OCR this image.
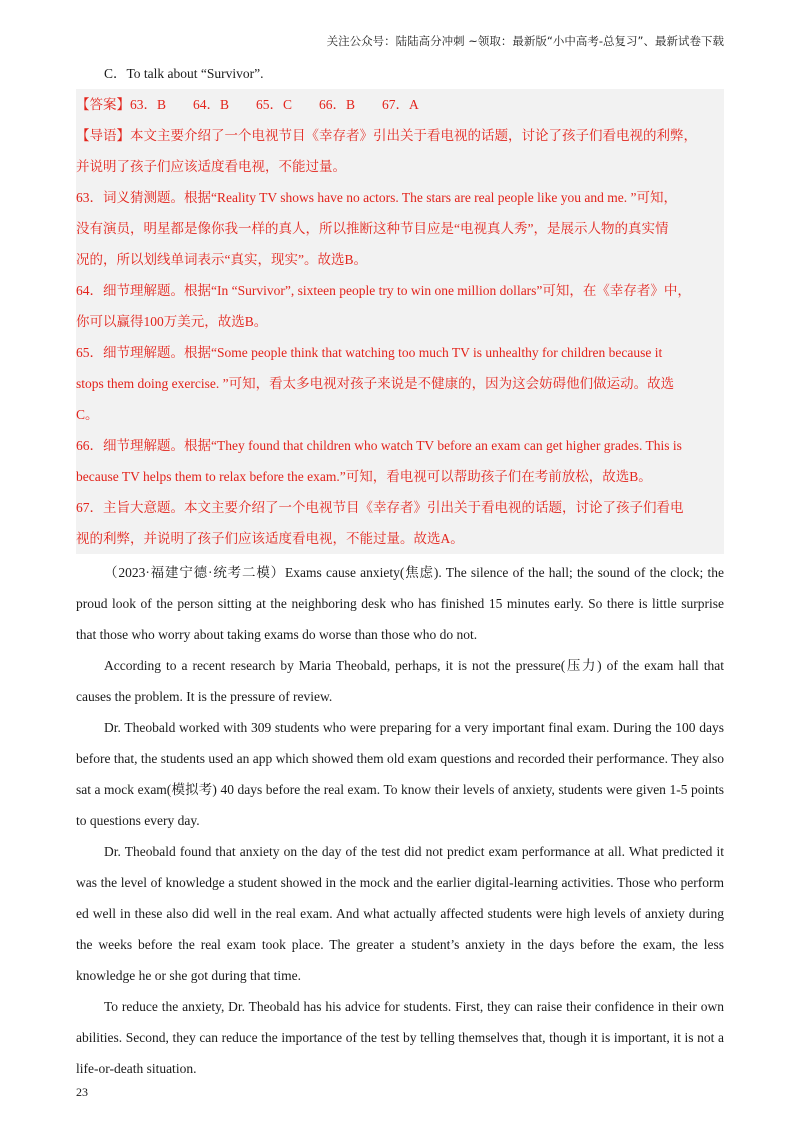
关注公众号：陆陆高分冲刺 ~领取：最新版“小中高考-总复习”、最新试卷下载
C．To talk about “Survivor”.
【答案】63．B　　64．B　　65．C　　66．B　　67．A
【导语】本文主要介绍了一个电视节目《幸存者》引出关于看电视的话题，讨论了孩子们看电视的利弊，
并说明了孩子们应该适度看电视，不能过量。
63．词义猜测题。根据“Reality TV shows have no actors. The stars are real people like you and me. ”可知，
没有演员，明星都是像你我一样的真人，所以推断这种节目应是“电视真人秀”，是展示人物的真实情
况的，所以划线单词表示“真实，现实”。故选B。
64．细节理解题。根据“In “Survivor”, sixteen people try to win one million dollars”可知，在《幸存者》中，
你可以赢得100万美元，故选B。
65．细节理解题。根据“Some people think that watching too much TV is unhealthy for children because it
stops them doing exercise. ”可知，看太多电视对孩子来说是不健康的，因为这会妨碍他们做运动。故选
C。
66．细节理解题。根据“They found that children who watch TV before an exam can get higher grades. This is
because TV helps them to relax before the exam.”可知，看电视可以帮助孩子们在考前放松，故选B。
67．主旨大意题。本文主要介绍了一个电视节目《幸存者》引出关于看电视的话题，讨论了孩子们看电
视的利弊，并说明了孩子们应该适度看电视，不能过量。故选A。

（2023·福建宁德·统考二模）Exams cause anxiety(焦虑). The silence of the hall; the sound of the clock; the proud look of the person sitting at the neighboring desk who has finished 15 minutes early. So there is little surprise that those who worry about taking exams do worse than those who do not.

According to a recent research by Maria Theobald, perhaps, it is not the pressure(压力) of the exam hall that causes the problem. It is the pressure of review.

Dr. Theobald worked with 309 students who were preparing for a very important final exam. During the 100 days before that, the students used an app which showed them old exam questions and recorded their performance. They also sat a mock exam(模拟考) 40 days before the real exam. To know their levels of anxiety, students were given 1-5 points to questions every day.

Dr. Theobald found that anxiety on the day of the test did not predict exam performance at all. What predicted it was the level of knowledge a student showed in the mock and the earlier digital-learning activities. Those who perform ed well in these also did well in the real exam. And what actually affected students were high levels of anxiety during the weeks before the real exam took place. The greater a student’s anxiety in the days before the exam, the less knowledge he or she got during that time.

To reduce the anxiety, Dr. Theobald has his advice for students. First, they can raise their confidence in their own abilities. Second, they can reduce the importance of the test by telling themselves that, though it is important, it is not a life-or-death situation.

23
